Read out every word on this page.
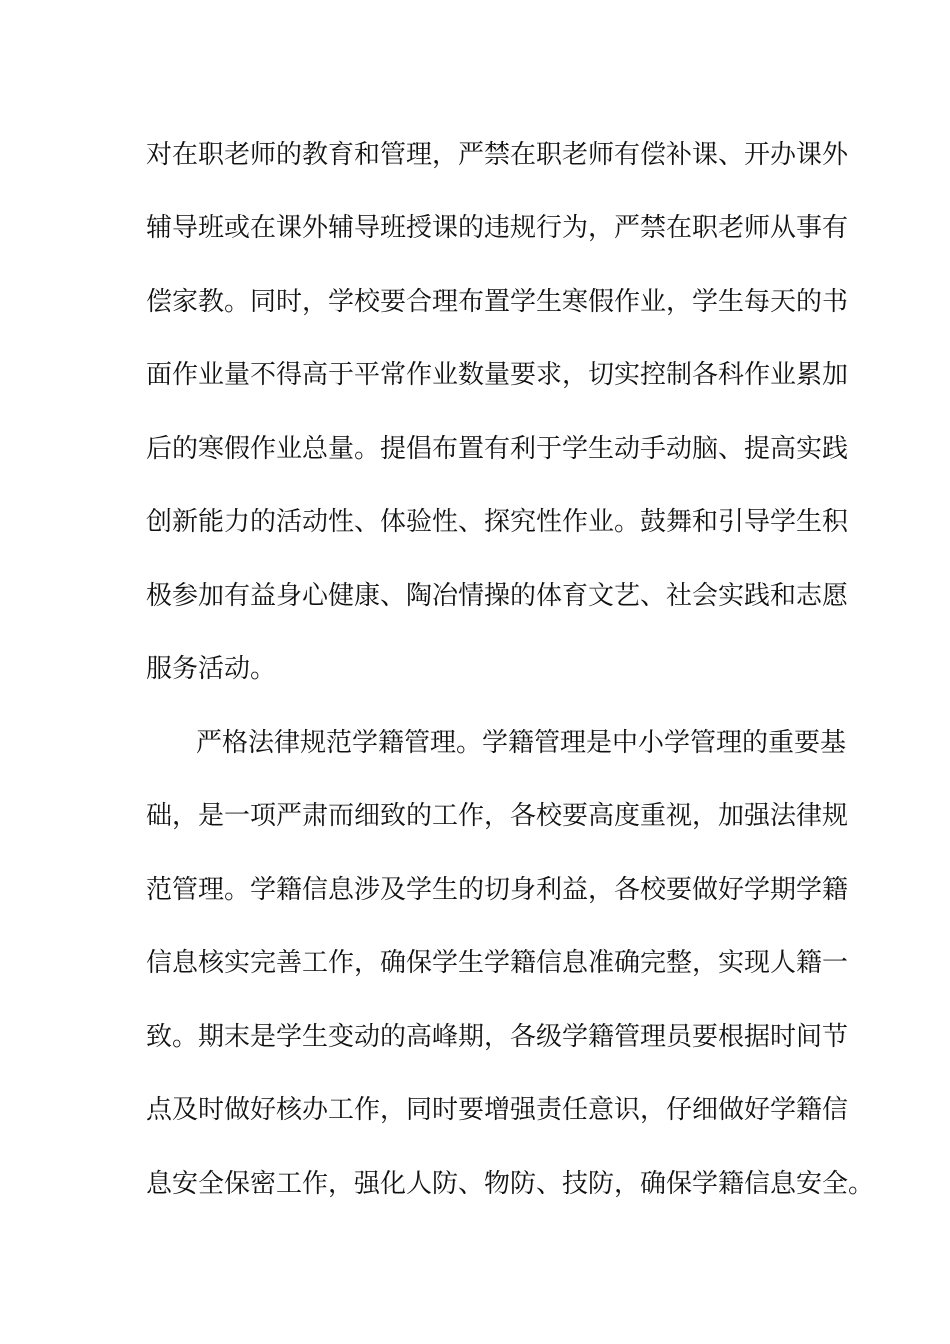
对在职老师的教育和管理，严禁在职老师有偿补课、开办课外
辅导班或在课外辅导班授课的违规行为，严禁在职老师从事有
偿家教。同时，学校要合理布置学生寒假作业，学生每天的书
面作业量不得高于平常作业数量要求，切实控制各科作业累加
后的寒假作业总量。提倡布置有利于学生动手动脑、提高实践
创新能力的活动性、体验性、探究性作业。鼓舞和引导学生积
极参加有益身心健康、陶冶情操的体育文艺、社会实践和志愿
服务活动。
严格法律规范学籍管理。学籍管理是中小学管理的重要基
础，是一项严肃而细致的工作，各校要高度重视，加强法律规
范管理。学籍信息涉及学生的切身利益，各校要做好学期学籍
信息核实完善工作，确保学生学籍信息准确完整，实现人籍一
致。期末是学生变动的高峰期，各级学籍管理员要根据时间节
点及时做好核办工作，同时要增强责任意识，仔细做好学籍信
息安全保密工作，强化人防、物防、技防，确保学籍信息安全。
